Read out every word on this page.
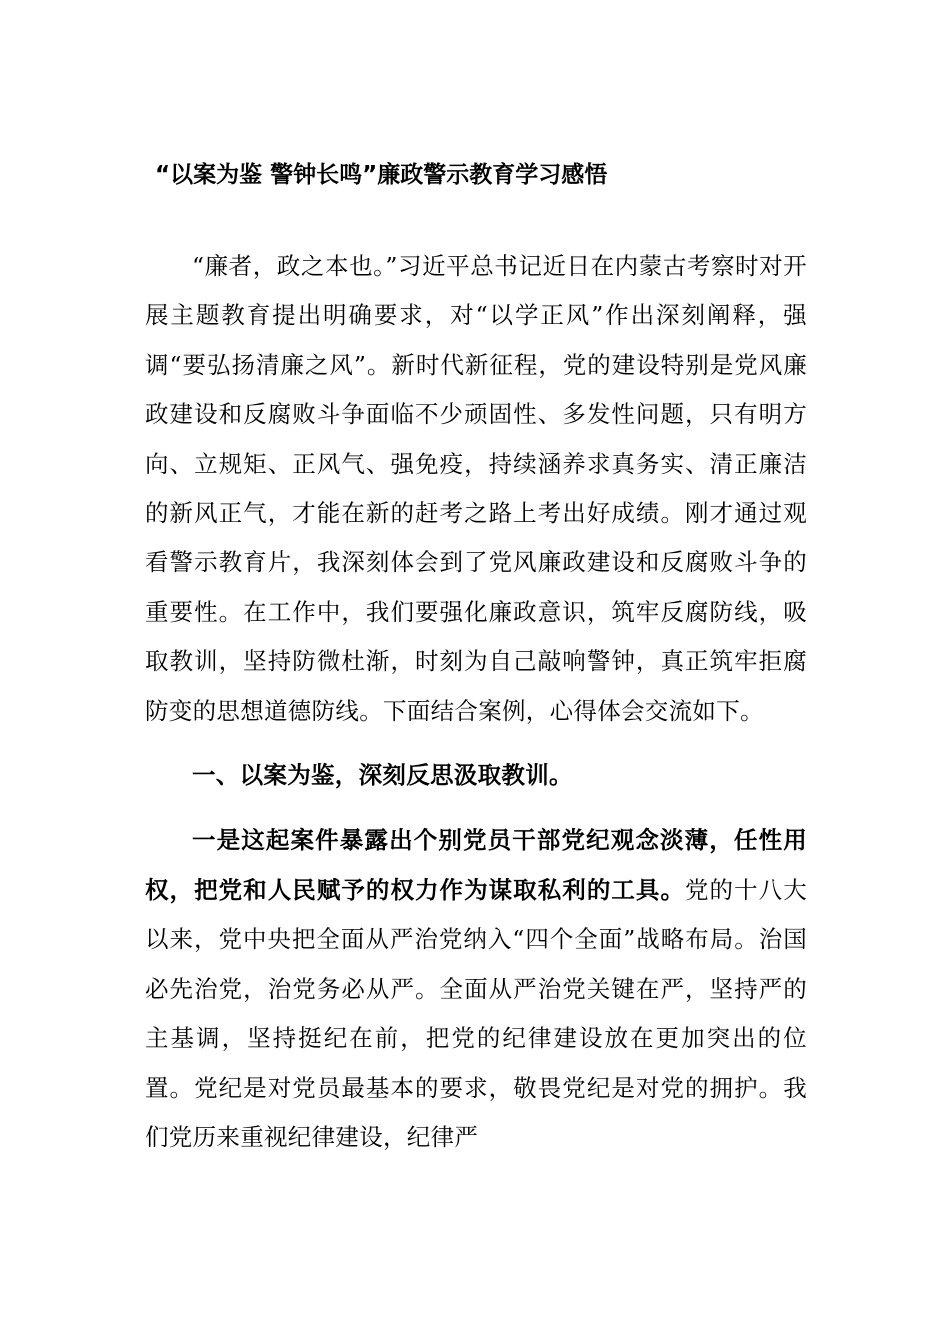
“以案为鉴 警钟长鸣”廉政警示教育学习感悟

“廉者，政之本也。”习近平总书记近日在内蒙古考察时对开展主题教育提出明确要求，对“以学正风”作出深刻阐释，强调“要弘扬清廉之风”。新时代新征程，党的建设特别是党风廉政建设和反腐败斗争面临不少顽固性、多发性问题，只有明方向、立规矩、正风气、强免疫，持续涵养求真务实、清正廉洁的新风正气，才能在新的赶考之路上考出好成绩。刚才通过观看警示教育片，我深刻体会到了党风廉政建设和反腐败斗争的重要性。在工作中，我们要强化廉政意识，筑牢反腐防线，吸取教训，坚持防微杜渐，时刻为自己敲响警钟，真正筑牢拒腐防变的思想道德防线。下面结合案例，心得体会交流如下。

一、以案为鉴，深刻反思汲取教训。

一是这起案件暴露出个别党员干部党纪观念淡薄，任性用权，把党和人民赋予的权力作为谋取私利的工具。党的十八大以来，党中央把全面从严治党纳入“四个全面”战略布局。治国必先治党，治党务必从严。全面从严治党关键在严，坚持严的主基调，坚持挺纪在前，把党的纪律建设放在更加突出的位置。党纪是对党员最基本的要求，敬畏党纪是对党的拥护。我们党历来重视纪律建设，纪律严
